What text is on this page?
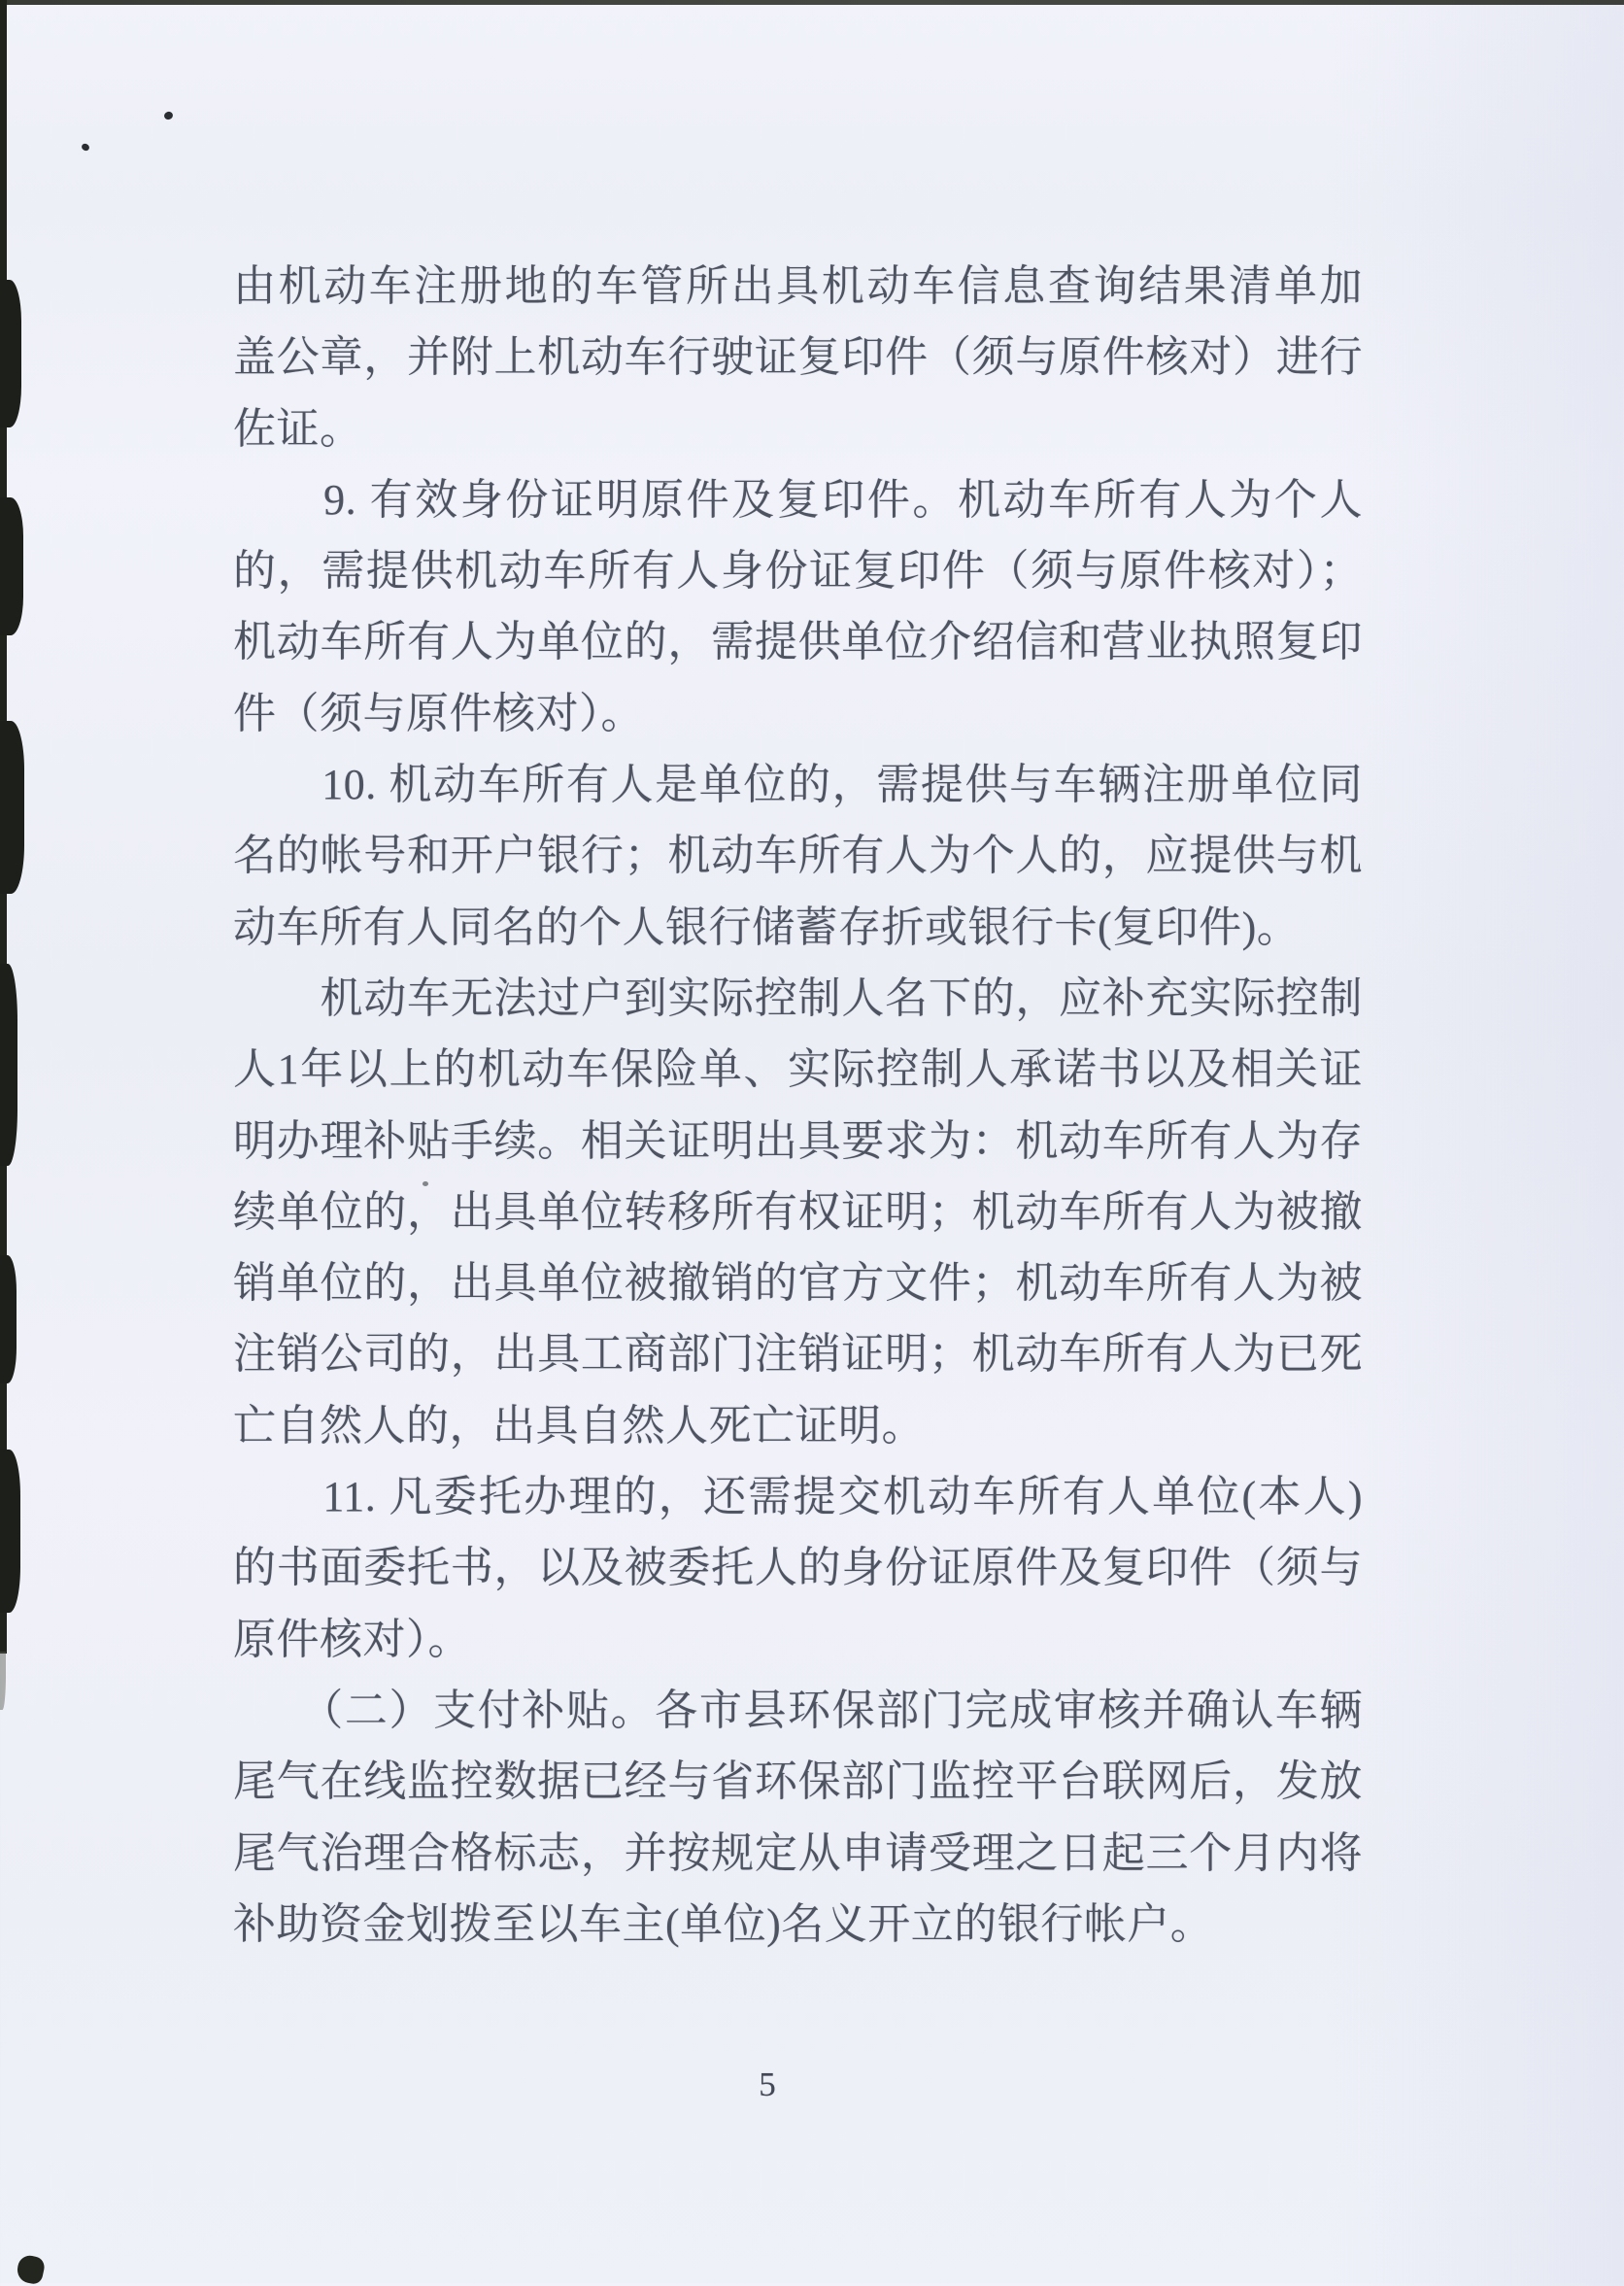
由机动车注册地的车管所出具机动车信息查询结果清单加
盖公章，并附上机动车行驶证复印件（须与原件核对）进行
佐证。
　　9. 有效身份证明原件及复印件。机动车所有人为个人
的，需提供机动车所有人身份证复印件（须与原件核对）；
机动车所有人为单位的，需提供单位介绍信和营业执照复印
件（须与原件核对）。
　　10. 机动车所有人是单位的，需提供与车辆注册单位同
名的帐号和开户银行；机动车所有人为个人的，应提供与机
动车所有人同名的个人银行储蓄存折或银行卡(复印件)。
　　机动车无法过户到实际控制人名下的，应补充实际控制
人1年以上的机动车保险单、实际控制人承诺书以及相关证
明办理补贴手续。相关证明出具要求为：机动车所有人为存
续单位的，出具单位转移所有权证明；机动车所有人为被撤
销单位的，出具单位被撤销的官方文件；机动车所有人为被
注销公司的，出具工商部门注销证明；机动车所有人为已死
亡自然人的，出具自然人死亡证明。
　　11. 凡委托办理的，还需提交机动车所有人单位(本人)
的书面委托书，以及被委托人的身份证原件及复印件（须与
原件核对）。
　　（二）支付补贴。各市县环保部门完成审核并确认车辆
尾气在线监控数据已经与省环保部门监控平台联网后，发放
尾气治理合格标志，并按规定从申请受理之日起三个月内将
补助资金划拨至以车主(单位)名义开立的银行帐户。
5
